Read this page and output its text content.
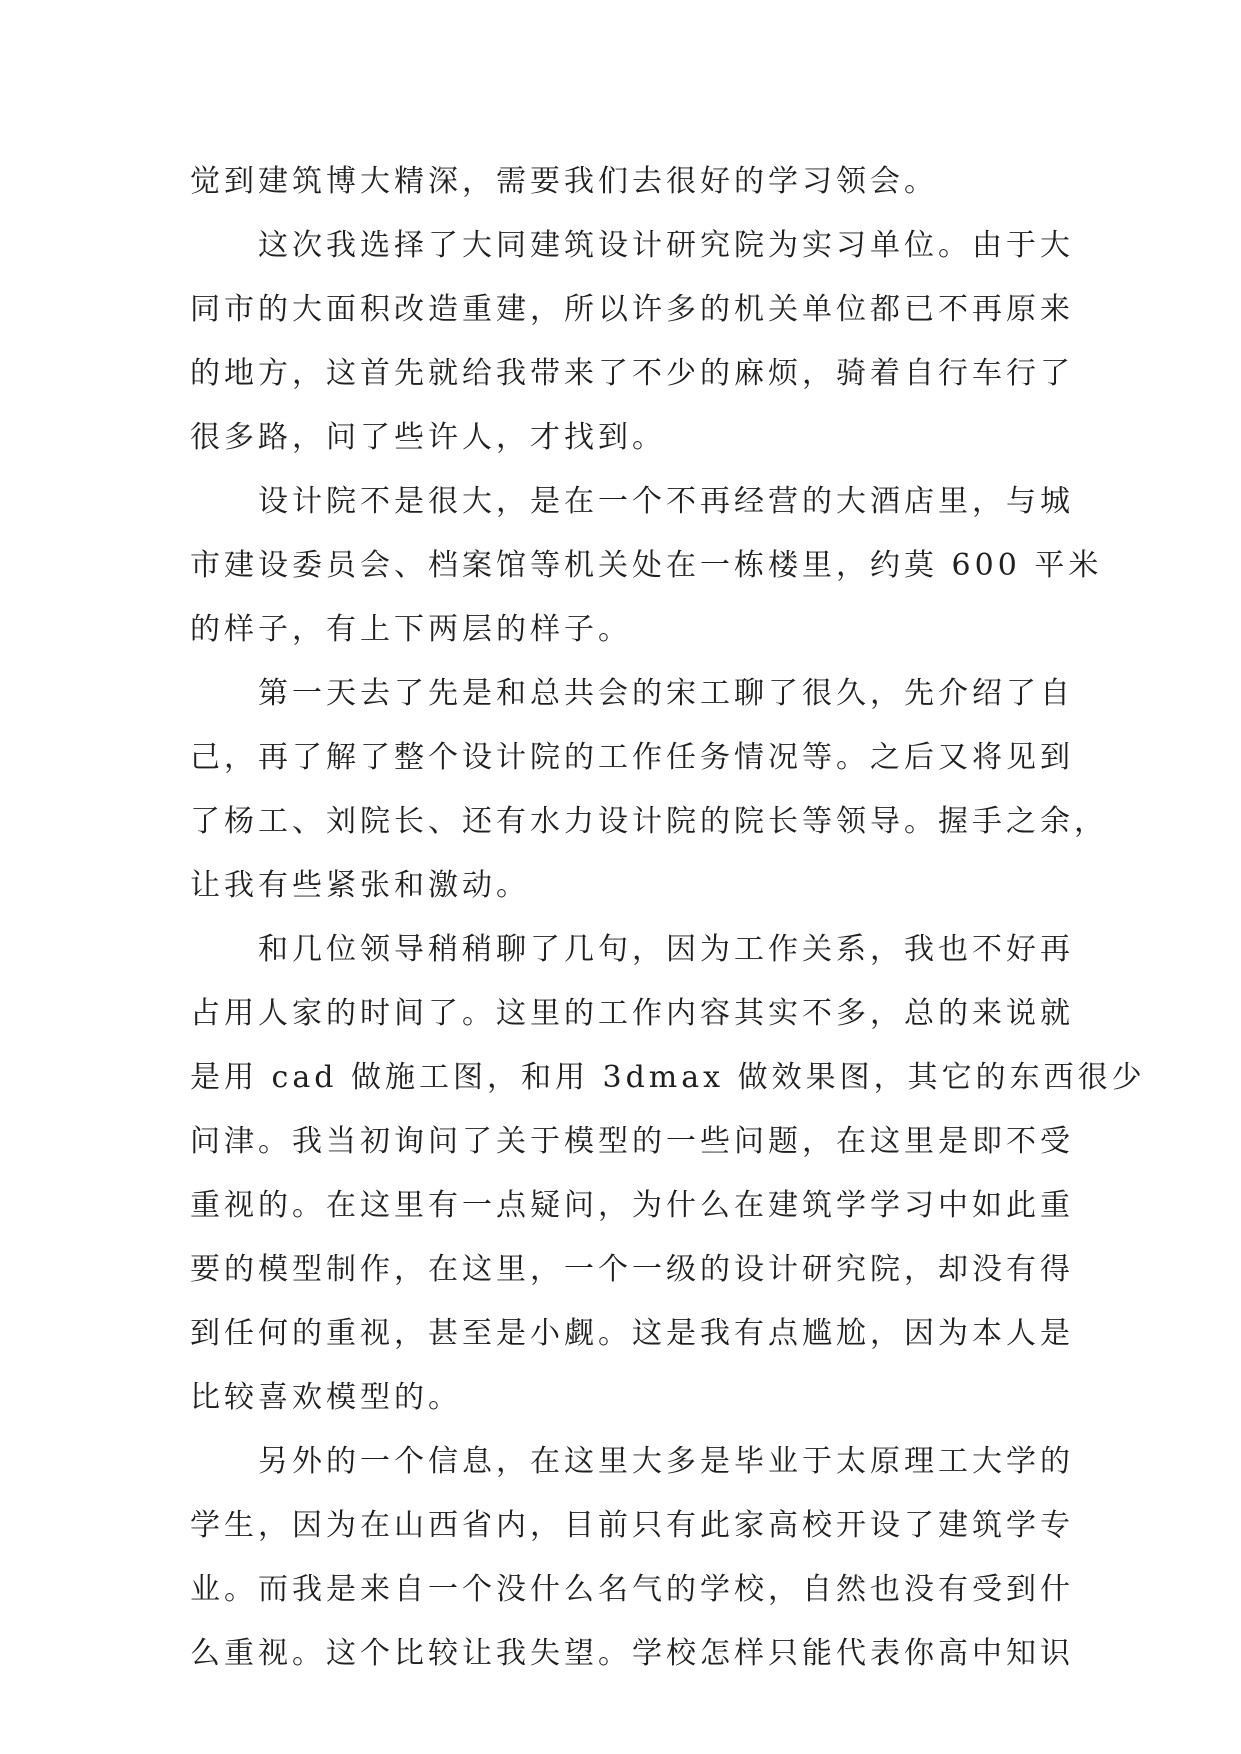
觉到建筑博大精深，需要我们去很好的学习领会。
这次我选择了大同建筑设计研究院为实习单位。由于大
同市的大面积改造重建，所以许多的机关单位都已不再原来
的地方，这首先就给我带来了不少的麻烦，骑着自行车行了
很多路，问了些许人，才找到。
设计院不是很大，是在一个不再经营的大酒店里，与城
市建设委员会、档案馆等机关处在一栋楼里，约莫 600 平米
的样子，有上下两层的样子。
第一天去了先是和总共会的宋工聊了很久，先介绍了自
己，再了解了整个设计院的工作任务情况等。之后又将见到
了杨工、刘院长、还有水力设计院的院长等领导。握手之余，
让我有些紧张和激动。
和几位领导稍稍聊了几句，因为工作关系，我也不好再
占用人家的时间了。这里的工作内容其实不多，总的来说就
是用 cad 做施工图，和用 3dmax 做效果图，其它的东西很少
问津。我当初询问了关于模型的一些问题，在这里是即不受
重视的。在这里有一点疑问，为什么在建筑学学习中如此重
要的模型制作，在这里，一个一级的设计研究院，却没有得
到任何的重视，甚至是小觑。这是我有点尴尬，因为本人是
比较喜欢模型的。
另外的一个信息，在这里大多是毕业于太原理工大学的
学生，因为在山西省内，目前只有此家高校开设了建筑学专
业。而我是来自一个没什么名气的学校，自然也没有受到什
么重视。这个比较让我失望。学校怎样只能代表你高中知识
